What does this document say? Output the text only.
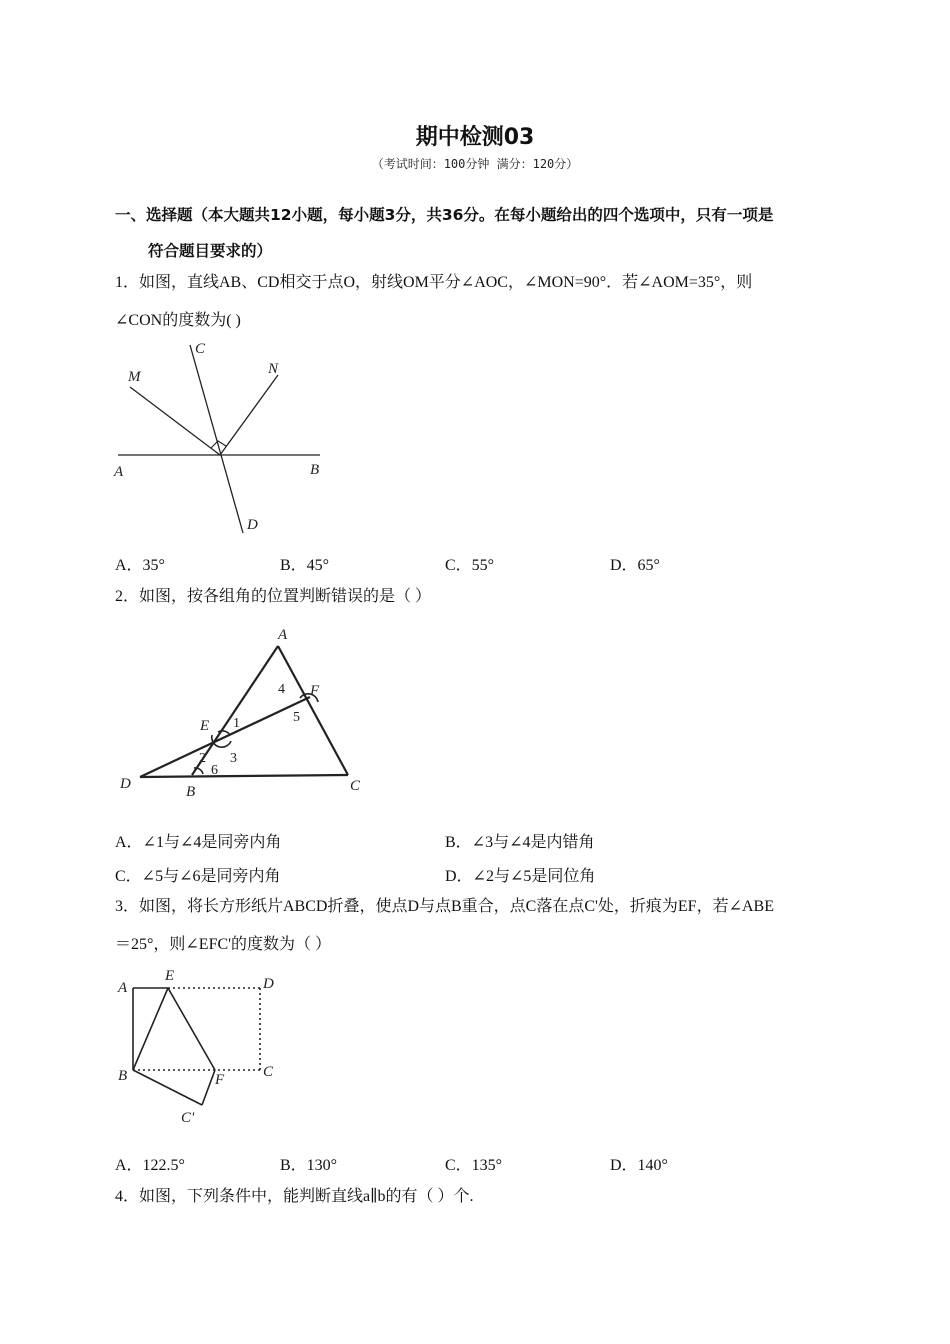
期中检测03
（考试时间：100分钟 满分：120分）
一、选择题（本大题共12小题，每小题3分，共36分。在每小题给出的四个选项中，只有一项是
符合题目要求的）
1．如图，直线AB、CD相交于点O，射线OM平分∠AOC，∠MON=90°．若∠AOM=35°，则
∠CON的度数为( )
M
C
N
A	B
D
A．35°	B．45°	C．55°	D．65°
2．如图，按各组角的位置判断错误的是（ ）
A
F
E
D	B	C
1
2 3
4
5
6
A．∠1与∠4是同旁内角	B．∠3与∠4是内错角
C．∠5与∠6是同旁内角	D．∠2与∠5是同位角
3．如图，将长方形纸片ABCD折叠，使点D与点B重合，点C落在点C'处，折痕为EF，若∠ABE
＝25°，则∠EFC'的度数为（ ）
A
E	D
B	F	C
C'
A．122.5°	B．130°	C．135°	D．140°
4．如图，下列条件中，能判断直线a∥b的有（ ）个.
